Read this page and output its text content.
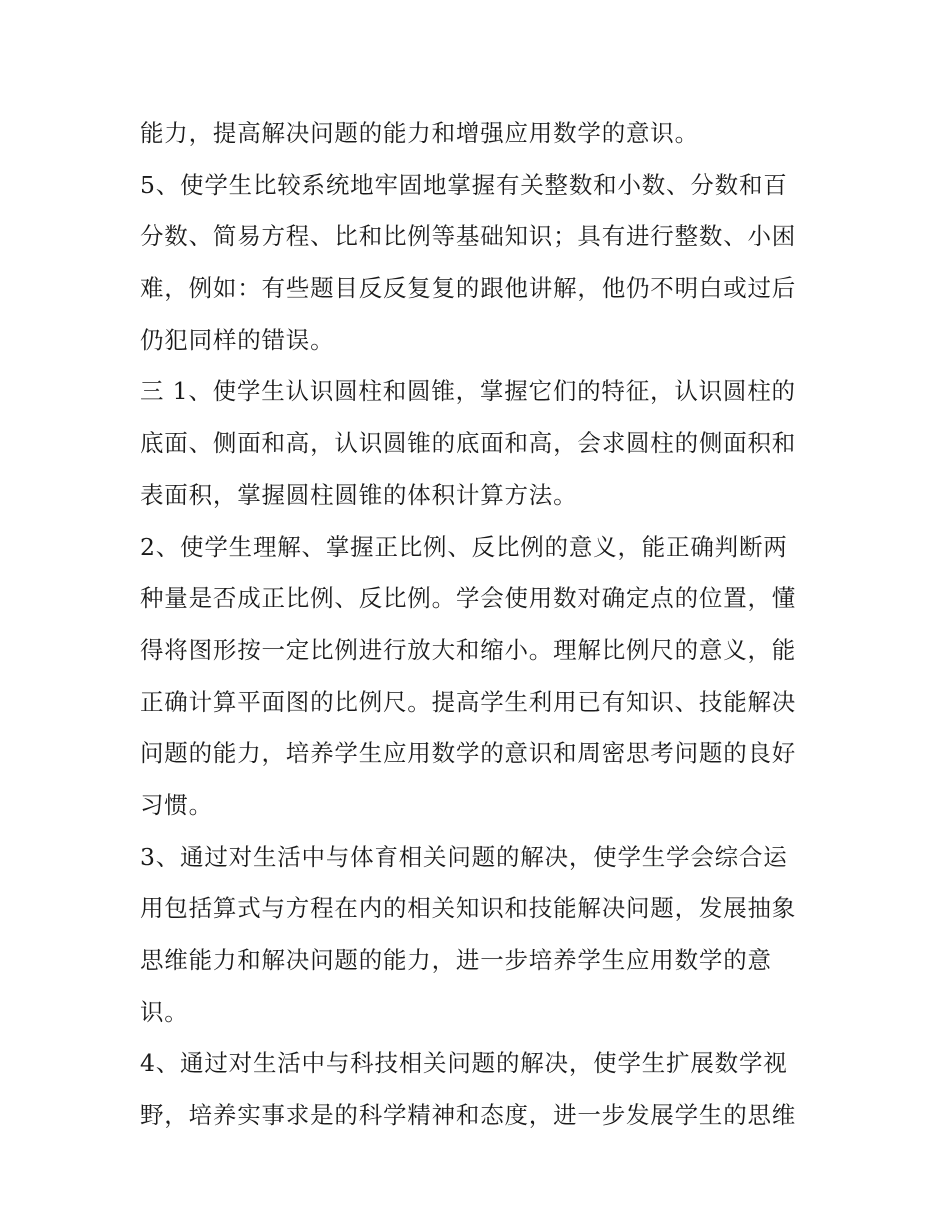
能力，提高解决问题的能力和增强应用数学的意识。
5、使学生比较系统地牢固地掌握有关整数和小数、分数和百
分数、简易方程、比和比例等基础知识；具有进行整数、小困
难，例如：有些题目反反复复的跟他讲解，他仍不明白或过后
仍犯同样的错误。
三 1、使学生认识圆柱和圆锥，掌握它们的特征，认识圆柱的
底面、侧面和高，认识圆锥的底面和高，会求圆柱的侧面积和
表面积，掌握圆柱圆锥的体积计算方法。
2、使学生理解、掌握正比例、反比例的意义，能正确判断两
种量是否成正比例、反比例。学会使用数对确定点的位置，懂
得将图形按一定比例进行放大和缩小。理解比例尺的意义，能
正确计算平面图的比例尺。提高学生利用已有知识、技能解决
问题的能力，培养学生应用数学的意识和周密思考问题的良好
习惯。
3、通过对生活中与体育相关问题的解决，使学生学会综合运
用包括算式与方程在内的相关知识和技能解决问题，发展抽象
思维能力和解决问题的能力，进一步培养学生应用数学的意
识。
4、通过对生活中与科技相关问题的解决，使学生扩展数学视
野，培养实事求是的科学精神和态度，进一步发展学生的思维
